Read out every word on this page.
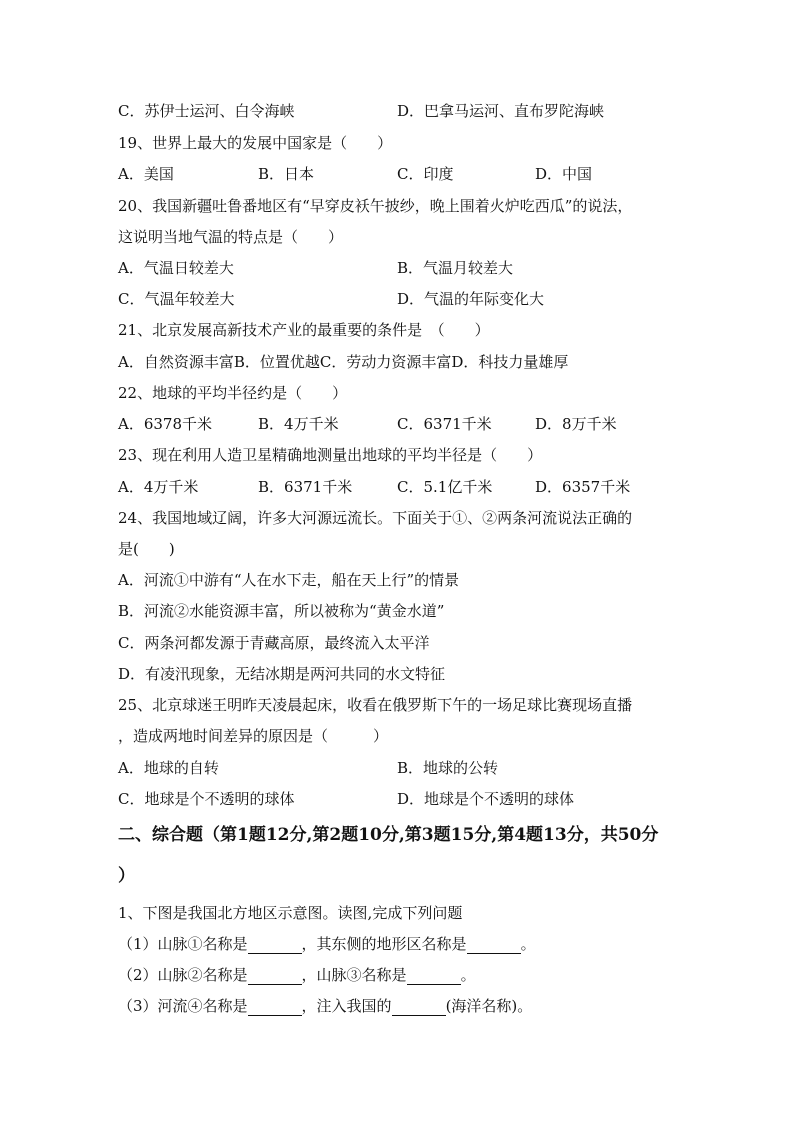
C．苏伊士运河、白令海峡	D．巴拿马运河、直布罗陀海峡
19、世界上最大的发展中国家是（　　）
A．美国	B．日本	C．印度	D．中国
20、我国新疆吐鲁番地区有“早穿皮袄午披纱，晚上围着火炉吃西瓜”的说法，
这说明当地气温的特点是（　　）
A．气温日较差大	B．气温月较差大
C．气温年较差大	D．气温的年际变化大
21、北京发展高新技术产业的最重要的条件是　（　　）
A．自然资源丰富B．位置优越C．劳动力资源丰富D．科技力量雄厚
22、地球的平均半径约是（　　）
A．6378千米	B．4万千米	C．6371千米	D．8万千米
23、现在利用人造卫星精确地测量出地球的平均半径是（　　）
A．4万千米	B．6371千米	C．5.1亿千米	D．6357千米
24、我国地域辽阔，许多大河源远流长。下面关于①、②两条河流说法正确的
是(　　)
A．河流①中游有“人在水下走，船在天上行”的情景
B．河流②水能资源丰富，所以被称为“黄金水道”
C．两条河都发源于青藏高原，最终流入太平洋
D．有凌汛现象，无结冰期是两河共同的水文特征
25、北京球迷王明昨天凌晨起床，收看在俄罗斯下午的一场足球比赛现场直播
，造成两地时间差异的原因是（　　　）
A．地球的自转	B．地球的公转
C．地球是个不透明的球体	D．地球是个不透明的球体
二、综合题（第1题12分,第2题10分,第3题15分,第4题13分，共50分
）
1、下图是我国北方地区示意图。读图,完成下列问题
（1）山脉①名称是	，其东侧的地形区名称是	。
（2）山脉②名称是	，山脉③名称是	。
（3）河流④名称是	，注入我国的	(海洋名称)。
